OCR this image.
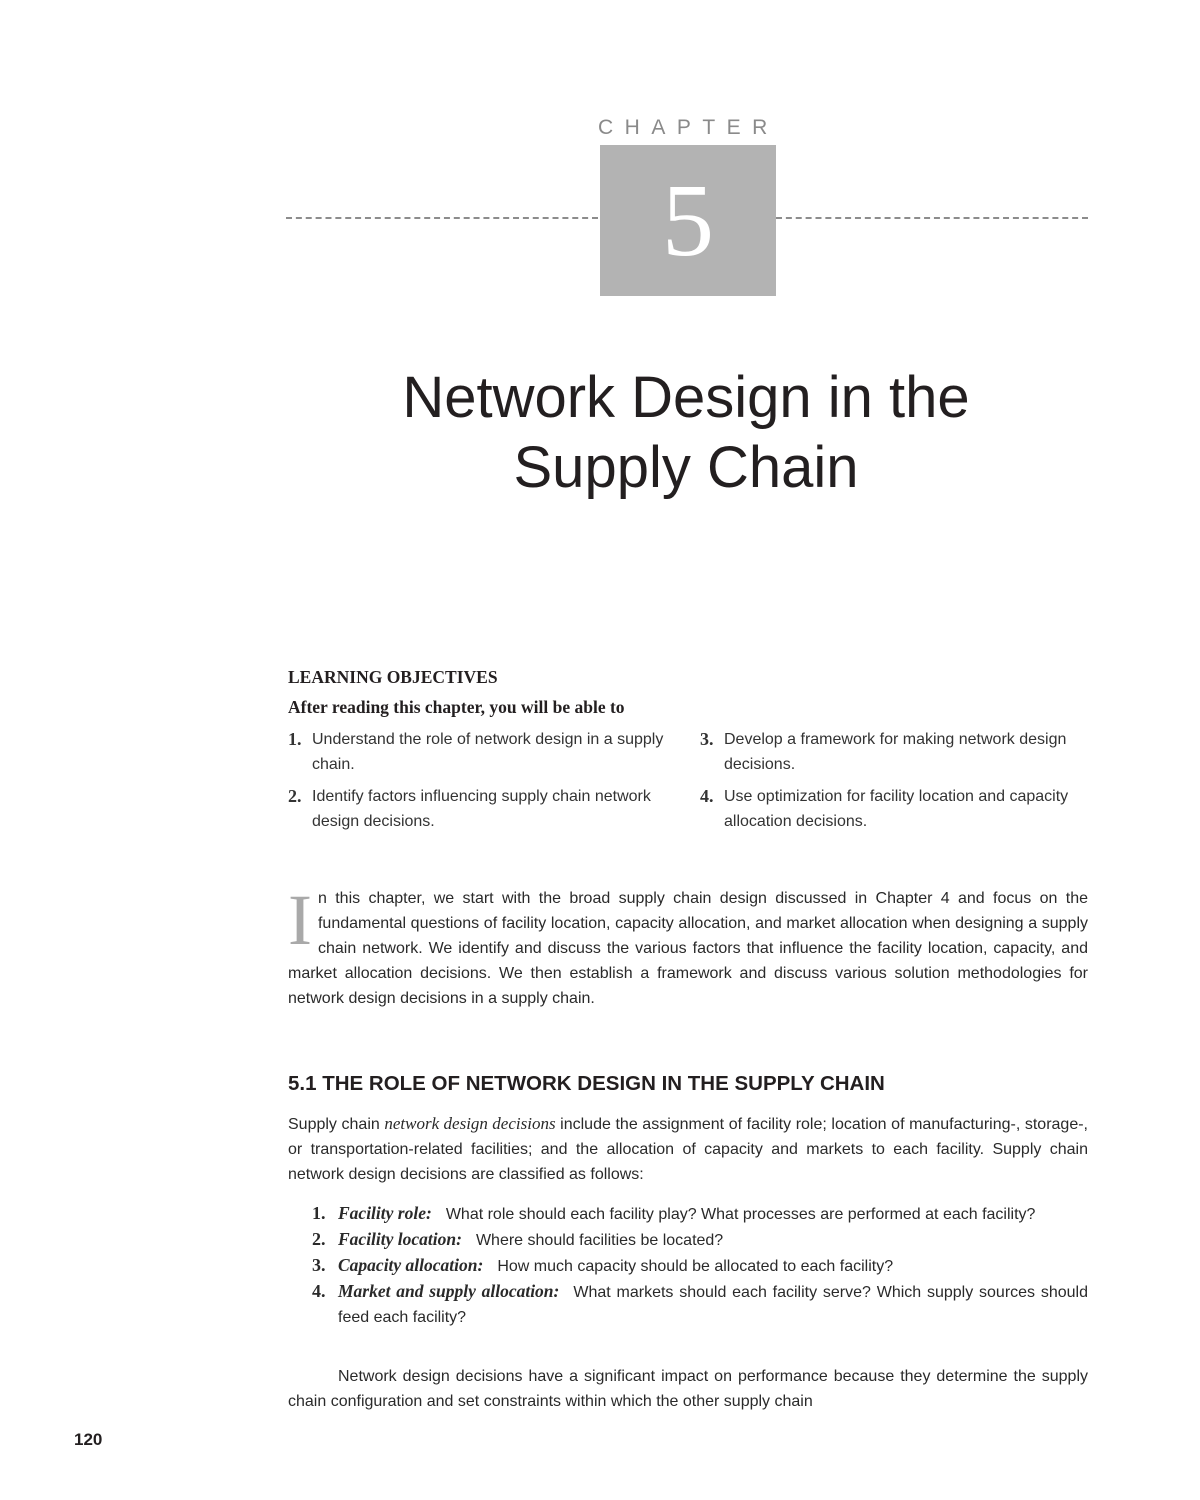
CHAPTER
5
Network Design in the
Supply Chain
LEARNING OBJECTIVES
After reading this chapter, you will be able to
1. Understand the role of network design in a supply chain.
2. Identify factors influencing supply chain network design decisions.
3. Develop a framework for making network design decisions.
4. Use optimization for facility location and capacity allocation decisions.
In this chapter, we start with the broad supply chain design discussed in Chapter 4 and focus on the fundamental questions of facility location, capacity allocation, and market allocation when designing a supply chain network. We identify and discuss the various factors that influence the facility location, capacity, and market allocation decisions. We then establish a framework and discuss various solution methodologies for network design decisions in a supply chain.
5.1 THE ROLE OF NETWORK DESIGN IN THE SUPPLY CHAIN
Supply chain network design decisions include the assignment of facility role; location of manufacturing-, storage-, or transportation-related facilities; and the allocation of capacity and markets to each facility. Supply chain network design decisions are classified as follows:
1. Facility role: What role should each facility play? What processes are performed at each facility?
2. Facility location: Where should facilities be located?
3. Capacity allocation: How much capacity should be allocated to each facility?
4. Market and supply allocation: What markets should each facility serve? Which supply sources should feed each facility?
Network design decisions have a significant impact on performance because they determine the supply chain configuration and set constraints within which the other supply chain
120
